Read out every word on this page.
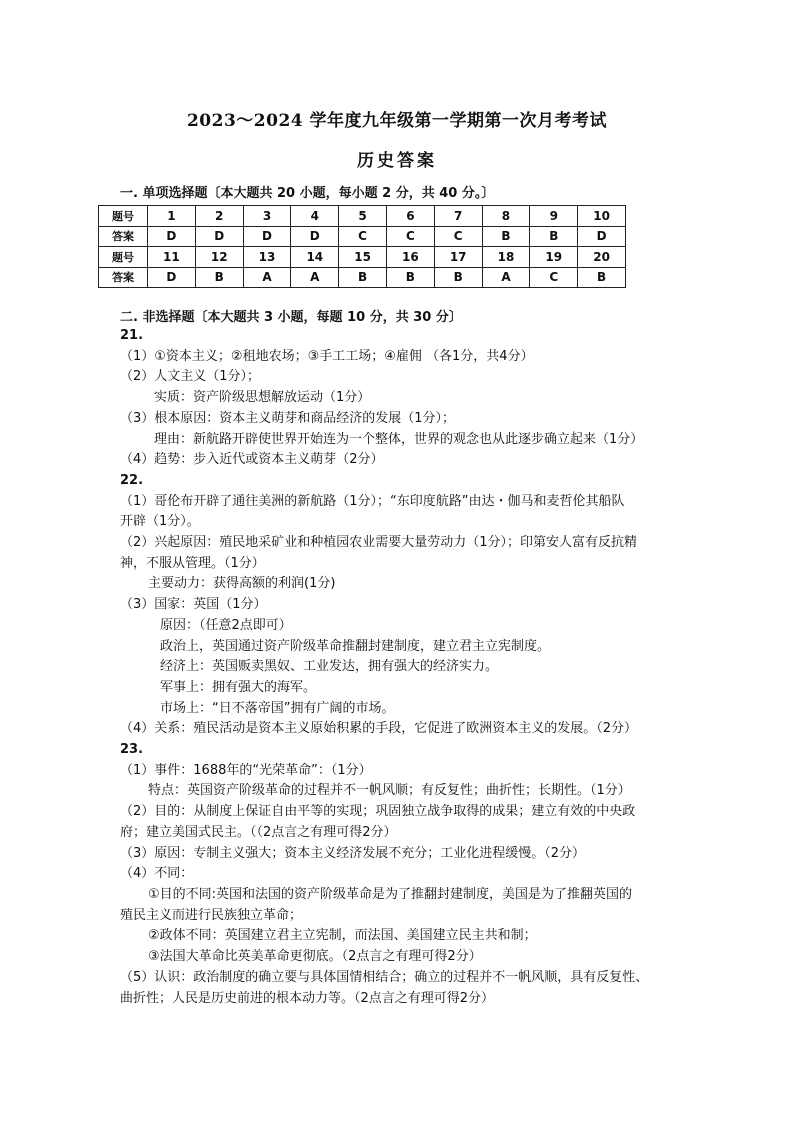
2023～2024 学年度九年级第一学期第一次月考考试
历史答案
一. 单项选择题〔本大题共 20 小题，每小题 2 分，共 40 分。〕
题号	1	2	3	4	5	6	7	8	9	10
答案	D	D	D	D	C	C	C	B	B	D
题号	11	12	13	14	15	16	17	18	19	20
答案	D	B	A	A	B	B	B	A	C	B
二. 非选择题〔本大题共 3 小题，每题 10 分，共 30 分〕
21.
（1）①资本主义；②租地农场；③手工工场；④雇佣 （各1分，共4分）
（2）人文主义（1分）；
实质：资产阶级思想解放运动（1分）
（3）根本原因：资本主义萌芽和商品经济的发展（1分）；
理由：新航路开辟使世界开始连为一个整体，世界的观念也从此逐步确立起来（1分）
（4）趋势：步入近代或资本主义萌芽（2分）
22.
（1）哥伦布开辟了通往美洲的新航路（1分）；“东印度航路”由达・伽马和麦哲伦其船队
开辟（1分）。
（2）兴起原因：殖民地采矿业和种植园农业需要大量劳动力（1分）；印第安人富有反抗精
神，不服从管理。（1分）
主要动力：获得高额的利润(1分)
（3）国家：英国（1分）
原因：（任意2点即可）
政治上，英国通过资产阶级革命推翻封建制度，建立君主立宪制度。
经济上：英国贩卖黑奴、工业发达，拥有强大的经济实力。
军事上：拥有强大的海军。
市场上：“日不落帝国”拥有广阔的市场。
（4）关系：殖民活动是资本主义原始积累的手段，它促进了欧洲资本主义的发展。（2分）
23.
（1）事件：1688年的“光荣革命”：（1分）
特点：英国资产阶级革命的过程并不一帆风顺；有反复性；曲折性；长期性。（1分）
（2）目的：从制度上保证自由平等的实现；巩固独立战争取得的成果；建立有效的中央政
府；建立美国式民主。（（2点言之有理可得2分）
（3）原因：专制主义强大；资本主义经济发展不充分；工业化进程缓慢。（2分）
（4）不同：
①目的不同:英国和法国的资产阶级革命是为了推翻封建制度，美国是为了推翻英国的
殖民主义而进行民族独立革命；
②政体不同：英国建立君主立宪制，而法国、美国建立民主共和制；
③法国大革命比英美革命更彻底。（2点言之有理可得2分）
（5）认识：政治制度的确立要与具体国情相结合；确立的过程并不一帆风顺，具有反复性、
曲折性；人民是历史前进的根本动力等。（2点言之有理可得2分）
